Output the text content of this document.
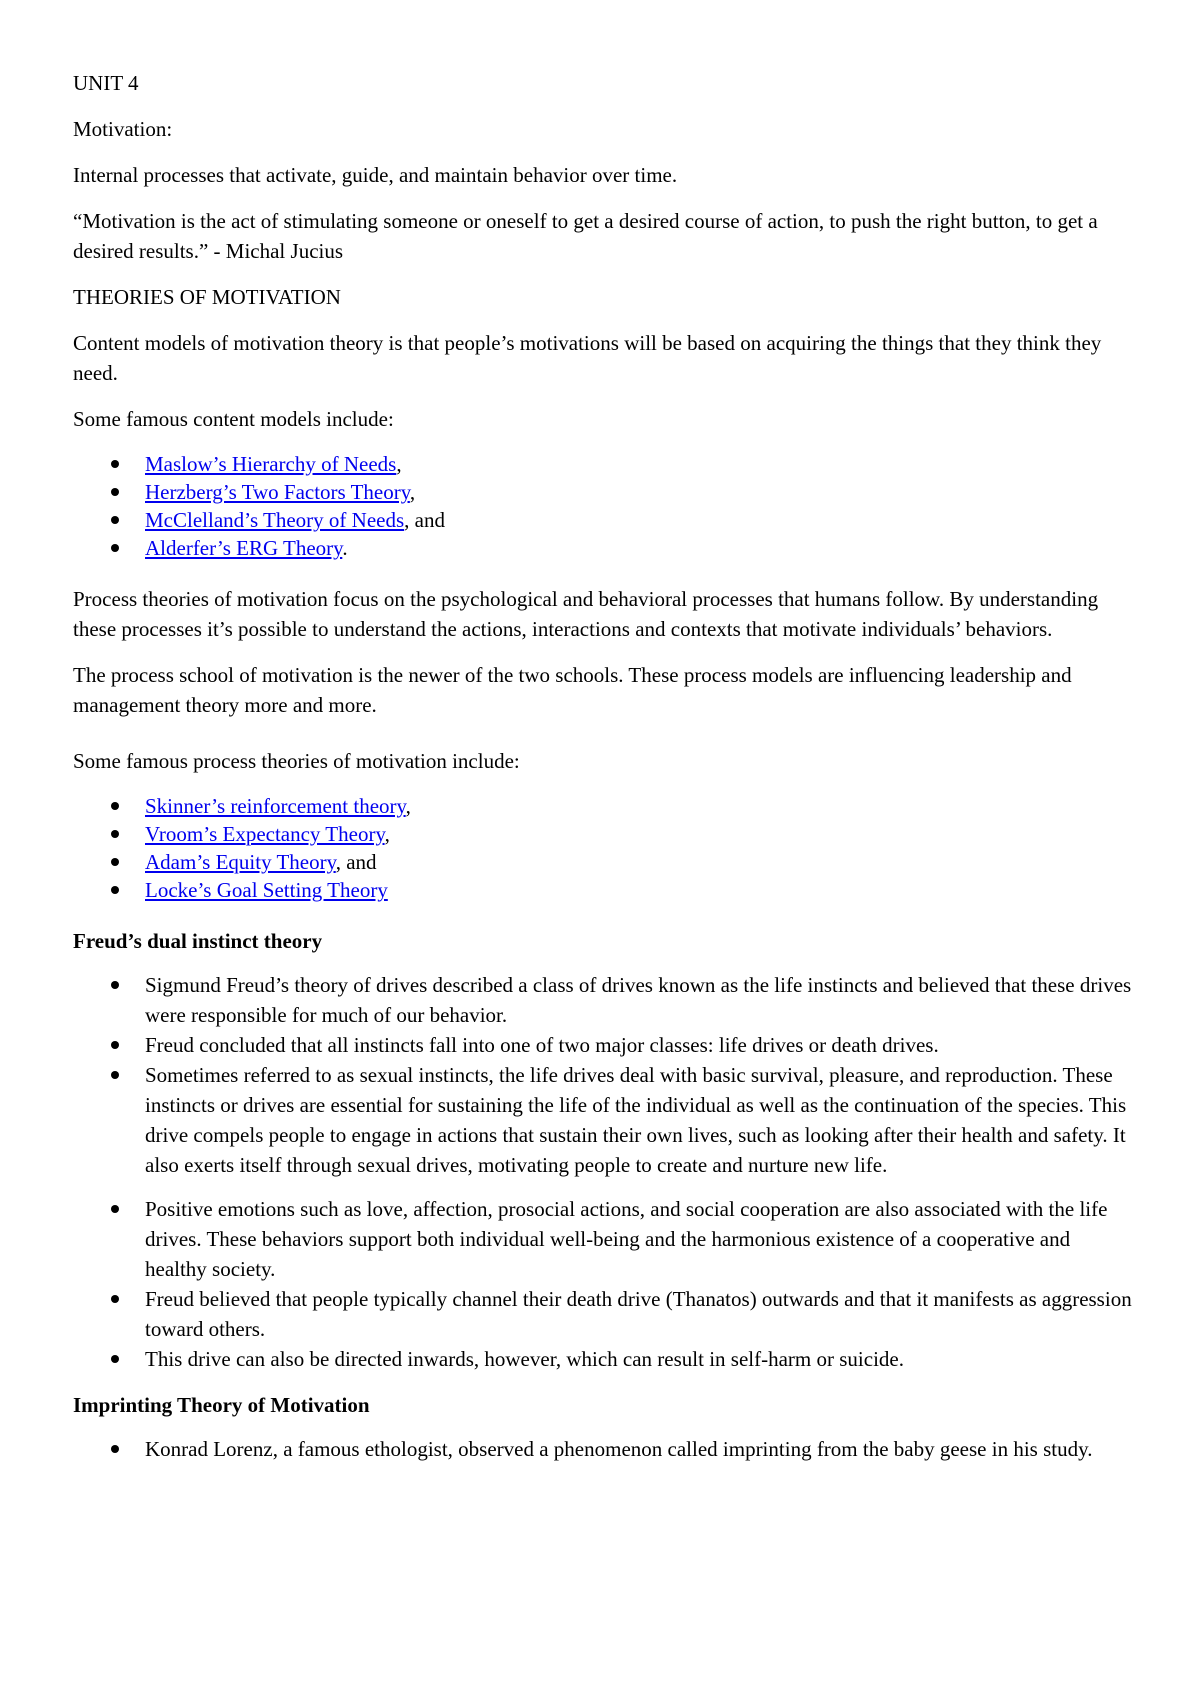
UNIT 4

Motivation:

Internal processes that activate, guide, and maintain behavior over time.

“Motivation is the act of stimulating someone or oneself to get a desired course of action, to push the right button, to get a desired results.” - Michal Jucius

THEORIES OF MOTIVATION

Content models of motivation theory is that people’s motivations will be based on acquiring the things that they think they need.

Some famous content models include:

Maslow’s Hierarchy of Needs,
Herzberg’s Two Factors Theory,
McClelland’s Theory of Needs, and
Alderfer’s ERG Theory.

Process theories of motivation focus on the psychological and behavioral processes that humans follow. By understanding these processes it’s possible to understand the actions, interactions and contexts that motivate individuals’ behaviors.

The process school of motivation is the newer of the two schools. These process models are influencing leadership and management theory more and more.

Some famous process theories of motivation include:

Skinner’s reinforcement theory,
Vroom’s Expectancy Theory,
Adam’s Equity Theory, and
Locke’s Goal Setting Theory

Freud’s dual instinct theory

Sigmund Freud’s theory of drives described a class of drives known as the life instincts and believed that these drives were responsible for much of our behavior.
Freud concluded that all instincts fall into one of two major classes: life drives or death drives.
Sometimes referred to as sexual instincts, the life drives deal with basic survival, pleasure, and reproduction. These instincts or drives are essential for sustaining the life of the individual as well as the continuation of the species. This drive compels people to engage in actions that sustain their own lives, such as looking after their health and safety. It also exerts itself through sexual drives, motivating people to create and nurture new life.
Positive emotions such as love, affection, prosocial actions, and social cooperation are also associated with the life drives. These behaviors support both individual well-being and the harmonious existence of a cooperative and healthy society.
Freud believed that people typically channel their death drive (Thanatos) outwards and that it manifests as aggression toward others.
This drive can also be directed inwards, however, which can result in self-harm or suicide.

Imprinting Theory of Motivation

Konrad Lorenz, a famous ethologist, observed a phenomenon called imprinting from the baby geese in his study.
